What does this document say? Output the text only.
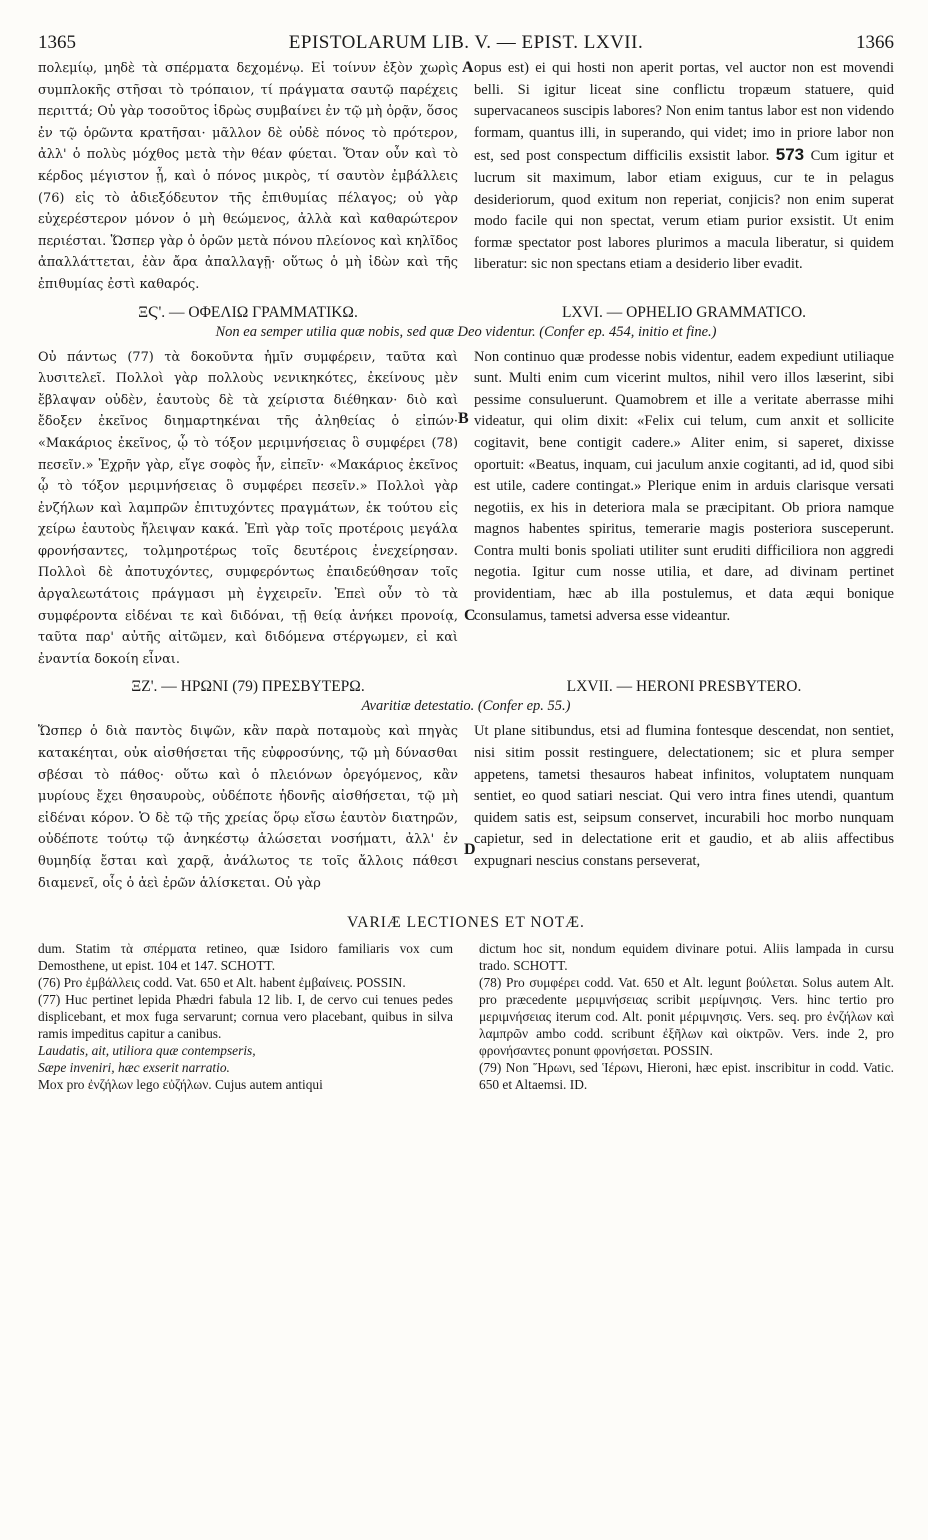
1365	EPISTOLARUM LIB. V. — EPIST. LXVII.	1366

πολεμίῳ, μηδὲ τὰ σπέρματα δεχομένῳ. Εἰ τοίνυν ἐξὸν χωρὶς συμπλοκῆς στῆσαι τὸ τρόπαιον, τί πράγματα σαυτῷ παρέχεις περιττά; Οὐ γὰρ τοσοῦτος ἱδρὼς συμβαίνει ἐν τῷ μὴ ὁρᾷν, ὅσος ἐν τῷ ὁρῶντα κρατῆσαι· μᾶλλον δὲ οὐδὲ πόνος τὸ πρότερον, ἀλλ' ὁ πολὺς μόχθος μετὰ τὴν θέαν φύεται. Ὅταν οὖν καὶ τὸ κέρδος μέγιστον ᾖ, καὶ ὁ πόνος μικρὸς, τί σαυτὸν ἐμβάλλεις (76) εἰς τὸ ἀδιεξόδευτον τῆς ἐπιθυμίας πέλαγος; οὐ γὰρ εὐχερέστερον μόνον ὁ μὴ θεώμενος, ἀλλὰ καὶ καθαρώτερον περιέσται. Ὥσπερ γὰρ ὁ ὁρῶν μετὰ πόνου πλείονος καὶ κηλῖδος ἀπαλλάττεται, ἐὰν ἄρα ἀπαλλαγῇ· οὕτως ὁ μὴ ἰδὼν καὶ τῆς ἐπιθυμίας ἐστὶ καθαρός.

A opus est) ei qui hosti non aperit portas, vel auctor non est movendi belli. Si igitur liceat sine conflictu tropæum statuere, quid supervacaneos suscipis labores? Non enim tantus labor est non videndo formam, quantus illi, in superando, qui videt; imo in priore labor non est, sed post conspectum difficilis exsistit labor. 573 Cum igitur et lucrum sit maximum, labor etiam exiguus, cur te in pelagus desideriorum, quod exitum non reperiat, conjicis? non enim superat modo facile qui non spectat, verum etiam purior exsistit. Ut enim formæ spectator post labores plurimos a macula liberatur, si quidem liberatur: sic non spectans etiam a desiderio liber evadit.

B
ΞϚ'. — ΟΦΕΛΙΩ ΓΡΑΜΜΑΤΙΚΩ.	LXVI. — OPHELIO GRAMMATICO.
Non ea semper utilia quæ nobis, sed quæ Deo videntur. (Confer ep. 454, initio et fine.)

Οὐ πάντως (77) τὰ δοκοῦντα ἡμῖν συμφέρειν, ταῦτα καὶ λυσιτελεῖ. Πολλοὶ γὰρ πολλοὺς νενικηκότες, ἐκείνους μὲν ἔβλαψαν οὐδὲν, ἑαυτοὺς δὲ τὰ χείριστα διέθηκαν· διὸ καὶ ἔδοξεν ἐκεῖνος διημαρτηκέναι τῆς ἀληθείας ὁ εἰπών· «Μακάριος ἐκεῖνος, ᾧ τὸ τόξον μεριμνήσειας ὃ συμφέρει (78) πεσεῖν.» Ἐχρῆν γὰρ, εἴγε σοφὸς ἦν, εἰπεῖν· «Μακάριος ἐκεῖνος ᾧ τὸ τόξον μεριμνήσειας ὃ συμφέρει πεσεῖν.» Πολλοὶ γὰρ ἐνζήλων καὶ λαμπρῶν ἐπιτυχόντες πραγμάτων, ἐκ τούτου εἰς χείρω ἑαυτοὺς ἤλειψαν κακά. Ἐπὶ γὰρ τοῖς προτέροις μεγάλα φρονήσαντες, τολμηροτέρως τοῖς δευτέροις ἐνεχείρησαν. Πολλοὶ δὲ ἀποτυχόντες, συμφερόντως ἐπαιδεύθησαν τοῖς ἀργαλεωτάτοις πράγμασι μὴ ἐγχειρεῖν. Ἐπεὶ οὖν τὸ τὰ συμφέροντα εἰδέναι τε καὶ διδόναι, τῇ θείᾳ ἀνήκει προνοίᾳ, ταῦτα παρ' αὐτῆς αἰτῶμεν, καὶ διδόμενα στέργωμεν, εἰ καὶ ἐναντία δοκοίη εἶναι.

C

Non continuo quæ prodesse nobis videntur, eadem expediunt utiliaque sunt. Multi enim cum vicerint multos, nihil vero illos læserint, sibi pessime consuluerunt. Quamobrem et ille a veritate aberrasse mihi videatur, qui olim dixit: «Felix cui telum, cum anxit et sollicite cogitavit, bene contigit cadere.» Aliter enim, si saperet, dixisse oportuit: «Beatus, inquam, cui jaculum anxie cogitanti, ad id, quod sibi est utile, cadere contingat.» Plerique enim in arduis clarisque versati negotiis, ex his in deteriora mala se præcipitant. Ob priora namque magnos habentes spiritus, temerarie magis posteriora susceperunt. Contra multi bonis spoliati utiliter sunt eruditi difficiliora non aggredi negotia. Igitur cum nosse utilia, et dare, ad divinam pertinet providentiam, hæc ab illa postulemus, et data æqui bonique consulamus, tametsi adversa esse videantur.

ΞΖ'. — ΗΡΩΝΙ (79) ΠΡΕΣΒΥΤΕΡΩ.	LXVII. — HERONI PRESBYTERO.
Avaritiæ detestatio. (Confer ep. 55.)

Ὥσπερ ὁ διὰ παντὸς διψῶν, κἂν παρὰ ποταμοὺς καὶ πηγὰς κατακέηται, οὐκ αἰσθήσεται τῆς εὐφροσύνης, τῷ μὴ δύνασθαι σβέσαι τὸ πάθος· οὕτω καὶ ὁ πλειόνων ὀρεγόμενος, κἂν μυρίους ἔχει θησαυροὺς, οὐδέποτε ἡδονῆς αἰσθήσεται, τῷ μὴ εἰδέναι κόρον. Ὁ δὲ τῷ τῆς χρείας ὅρῳ εἴσω ἑαυτὸν διατηρῶν, οὐδέποτε τούτῳ τῷ ἀνηκέστῳ ἁλώσεται νοσήματι, ἀλλ' ἐν θυμηδίᾳ ἔσται καὶ χαρᾷ, ἀνάλωτος τε τοῖς ἄλλοις πάθεσι διαμενεῖ, οἷς ὁ ἀεὶ ἐρῶν ἁλίσκεται. Οὐ γὰρ

D

Ut plane sitibundus, etsi ad flumina fontesque descendat, non sentiet, nisi sitim possit restinguere, delectationem; sic et plura semper appetens, tametsi thesauros habeat infinitos, voluptatem nunquam sentiet, eo quod satiari nesciat. Qui vero intra fines utendi, quantum quidem satis est, seipsum conservet, incurabili hoc morbo nunquam capietur, sed in delectatione erit et gaudio, et ab aliis affectibus expugnari nescius constans perseverat,

VARIÆ LECTIONES ET NOTÆ.

dum. Statim τὰ σπέρματα retineo, quæ Isidoro familiaris vox cum Demosthene, ut epist. 104 et 147. SCHOTT.

(76) Pro ἐμβάλλεις codd. Vat. 650 et Alt. habent ἐμβαίνεις. POSSIN.

(77) Huc pertinet lepida Phædri fabula 12 lib. I, de cervo cui tenues pedes displicebant, et mox fuga servarunt; cornua vero placebant, quibus in silva ramis impeditus capitur a canibus.

Laudatis, ait, utiliora quæ contempseris,

Sæpe inveniri, hæc exserit narratio.

Mox pro ἐνζήλων lego εὐζήλων. Cujus autem antiqui

dictum hoc sit, nondum equidem divinare potui. Aliis lampada in cursu trado. SCHOTT.

(78) Pro συμφέρει codd. Vat. 650 et Alt. legunt βούλεται. Solus autem Alt. pro præcedente μεριμνήσειας scribit μερίμνησις. Vers. hinc tertio pro μεριμνήσειας iterum cod. Alt. ponit μέριμνησις. Vers. seq. pro ἐνζήλων καὶ λαμπρῶν ambo codd. scribunt ἐξῆλων καὶ οἰκτρῶν. Vers. inde 2, pro φρονήσαντες ponunt φρονήσεται. POSSIN.

(79) Non Ἥρωνι, sed Ἱέρωνι, Hieroni, hæc epist. inscribitur in codd. Vatic. 650 et Altaemsi. ID.
